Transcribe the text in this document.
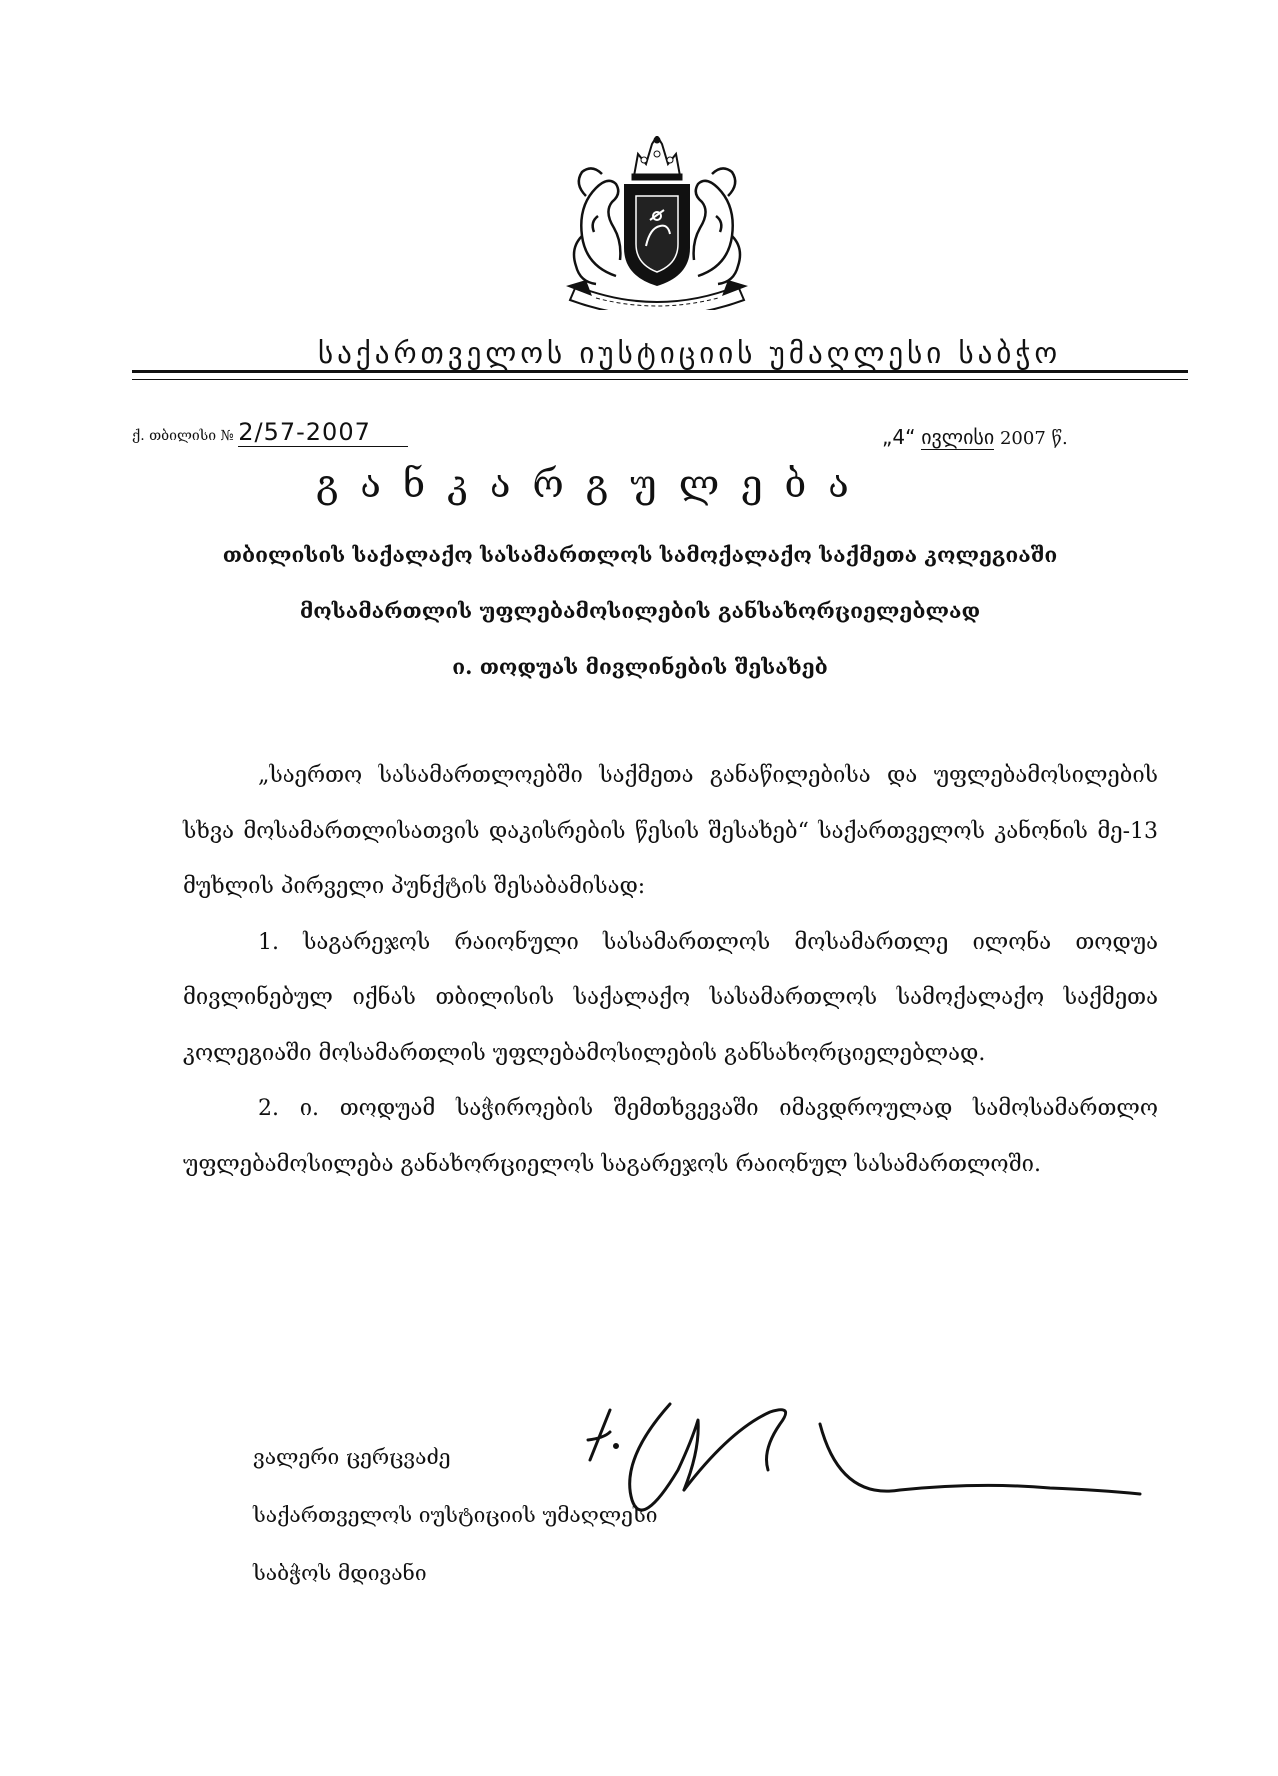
საქართველოს იუსტიციის უმაღლესი საბჭო
ქ. თბილისი № 2/57-2007	„4“ ივლისი 2007 წ.
განკარგულება
თბილისის საქალაქო სასამართლოს სამოქალაქო საქმეთა კოლეგიაში
მოსამართლის უფლებამოსილების განსახორციელებლად
ი. თოდუას მივლინების შესახებ

„საერთო სასამართლოებში საქმეთა განაწილებისა და უფლებამოსილების სხვა მოსამართლისათვის დაკისრების წესის შესახებ“ საქართველოს კანონის მე-13 მუხლის პირველი პუნქტის შესაბამისად:

1. საგარეჯოს რაიონული სასამართლოს მოსამართლე ილონა თოდუა მივლინებულ იქნას თბილისის საქალაქო სასამართლოს სამოქალაქო საქმეთა კოლეგიაში მოსამართლის უფლებამოსილების განსახორციელებლად.

2. ი. თოდუამ საჭიროების შემთხვევაში იმავდროულად სამოსამართლო უფლებამოსილება განახორციელოს საგარეჯოს რაიონულ სასამართლოში.

ვალერი ცერცვაძე
საქართველოს იუსტიციის უმაღლესი
საბჭოს მდივანი
